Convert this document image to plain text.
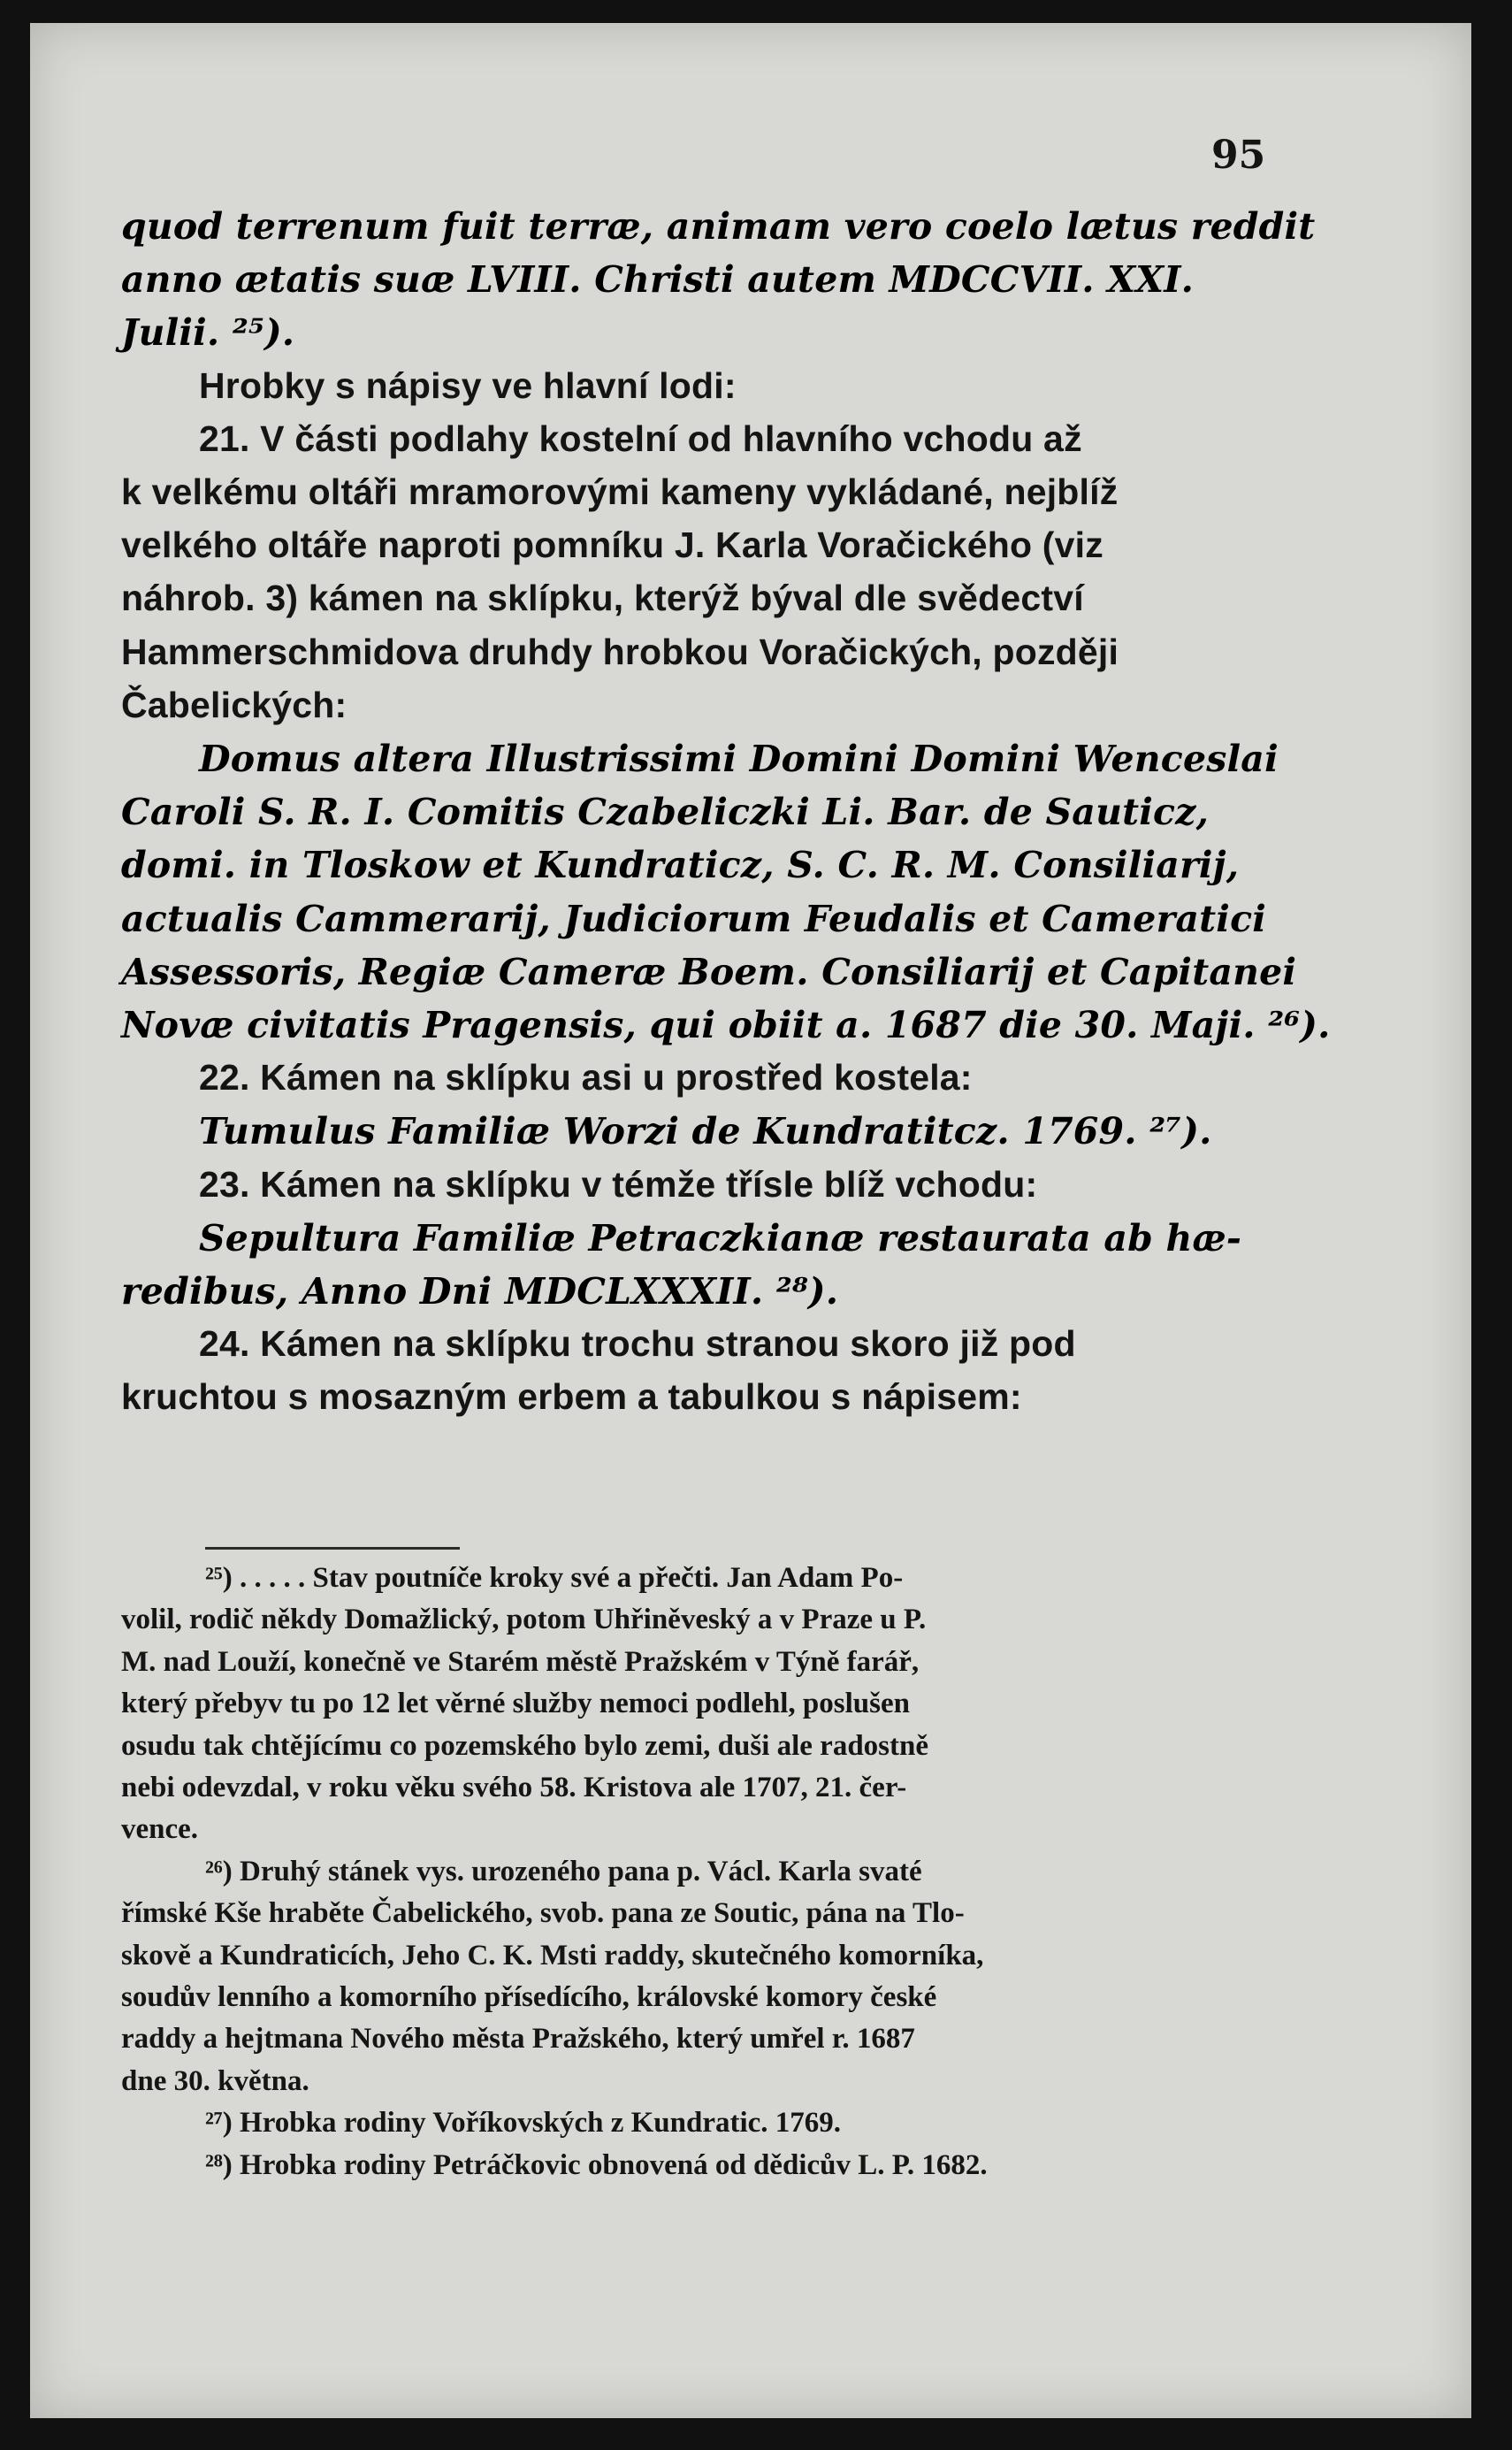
95
quod terrenum fuit terræ, animam vero coelo lætus reddit
anno ætatis suæ LVIII. Christi autem MDCCVII. XXI.
Julii. ²⁵).
Hrobky s nápisy ve hlavní lodi:
21. V části podlahy kostelní od hlavního vchodu až
k velkému oltáři mramorovými kameny vykládané, nejblíž
velkého oltáře naproti pomníku J. Karla Voračického (viz
náhrob. 3) kámen na sklípku, kterýž býval dle svědectví
Hammerschmidova druhdy hrobkou Voračických, později
Čabelických:
Domus altera Illustrissimi Domini Domini Wenceslai
Caroli S. R. I. Comitis Czabeliczki Li. Bar. de Sauticz,
domi. in Tloskow et Kundraticz, S. C. R. M. Consiliarij,
actualis Cammerarij, Judiciorum Feudalis et Cameratici
Assessoris, Regiæ Cameræ Boem. Consiliarij et Capitanei
Novæ civitatis Pragensis, qui obiit a. 1687 die 30. Maji. ²⁶).
22. Kámen na sklípku asi u prostřed kostela:
Tumulus Familiæ Worzi de Kundratitcz. 1769. ²⁷).
23. Kámen na sklípku v témže třísle blíž vchodu:
Sepultura Familiæ Petraczkianæ restaurata ab hæ-
redibus, Anno Dni MDCLXXXII. ²⁸).
24. Kámen na sklípku trochu stranou skoro již pod
kruchtou s mosazným erbem a tabulkou s nápisem:
²⁵) . . . . . Stav poutníče kroky své a přečti. Jan Adam Po-
volil, rodič někdy Domažlický, potom Uhřiněveský a v Praze u P.
M. nad Louží, konečně ve Starém městě Pražském v Týně farář,
který přebyv tu po 12 let věrné služby nemoci podlehl, poslušen
osudu tak chtějícímu co pozemského bylo zemi, duši ale radostně
nebi odevzdal, v roku věku svého 58. Kristova ale 1707, 21. čer-
vence.
²⁶) Druhý stánek vys. urozeného pana p. Václ. Karla svaté
římské Kše hraběte Čabelického, svob. pana ze Soutic, pána na Tlo-
skově a Kundraticích, Jeho C. K. Msti raddy, skutečného komorníka,
soudův lenního a komorního přísedícího, královské komory české
raddy a hejtmana Nového města Pražského, který umřel r. 1687
dne 30. května.
²⁷) Hrobka rodiny Voříkovských z Kundratic. 1769.
²⁸) Hrobka rodiny Petráčkovic obnovená od dědicův L. P. 1682.
